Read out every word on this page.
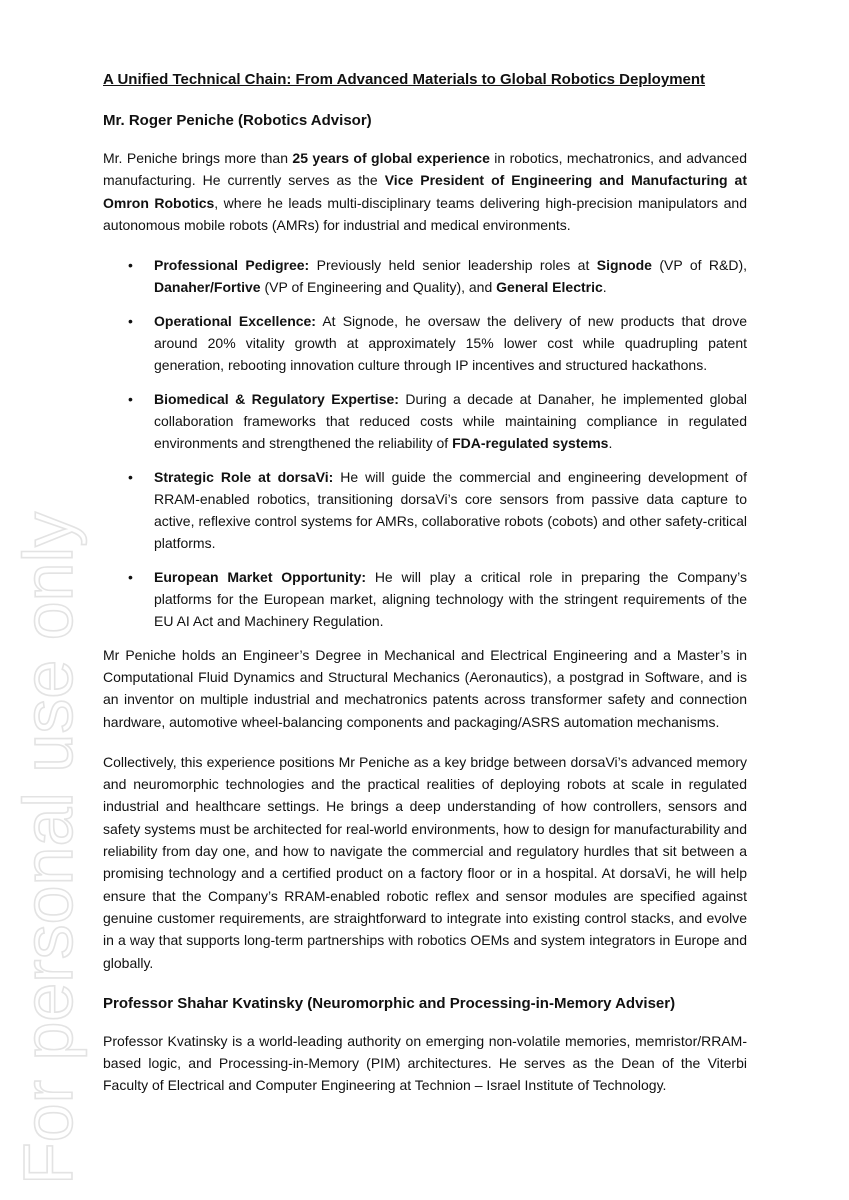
For personal use only
A Unified Technical Chain: From Advanced Materials to Global Robotics Deployment
Mr. Roger Peniche (Robotics Advisor)

Mr. Peniche brings more than 25 years of global experience in robotics, mechatronics, and advanced manufacturing. He currently serves as the Vice President of Engineering and Manufacturing at Omron Robotics, where he leads multi-disciplinary teams delivering high-precision manipulators and autonomous mobile robots (AMRs) for industrial and medical environments.

• Professional Pedigree: Previously held senior leadership roles at Signode (VP of R&D), Danaher/Fortive (VP of Engineering and Quality), and General Electric.
• Operational Excellence: At Signode, he oversaw the delivery of new products that drove around 20% vitality growth at approximately 15% lower cost while quadrupling patent generation, rebooting innovation culture through IP incentives and structured hackathons.
• Biomedical & Regulatory Expertise: During a decade at Danaher, he implemented global collaboration frameworks that reduced costs while maintaining compliance in regulated environments and strengthened the reliability of FDA-regulated systems.
• Strategic Role at dorsaVi: He will guide the commercial and engineering development of RRAM-enabled robotics, transitioning dorsaVi’s core sensors from passive data capture to active, reflexive control systems for AMRs, collaborative robots (cobots) and other safety-critical platforms.
• European Market Opportunity: He will play a critical role in preparing the Company’s platforms for the European market, aligning technology with the stringent requirements of the EU AI Act and Machinery Regulation.

Mr Peniche holds an Engineer’s Degree in Mechanical and Electrical Engineering and a Master’s in Computational Fluid Dynamics and Structural Mechanics (Aeronautics), a postgrad in Software, and is an inventor on multiple industrial and mechatronics patents across transformer safety and connection hardware, automotive wheel-balancing components and packaging/ASRS automation mechanisms.

Collectively, this experience positions Mr Peniche as a key bridge between dorsaVi’s advanced memory and neuromorphic technologies and the practical realities of deploying robots at scale in regulated industrial and healthcare settings. He brings a deep understanding of how controllers, sensors and safety systems must be architected for real-world environments, how to design for manufacturability and reliability from day one, and how to navigate the commercial and regulatory hurdles that sit between a promising technology and a certified product on a factory floor or in a hospital. At dorsaVi, he will help ensure that the Company’s RRAM-enabled robotic reflex and sensor modules are specified against genuine customer requirements, are straightforward to integrate into existing control stacks, and evolve in a way that supports long-term partnerships with robotics OEMs and system integrators in Europe and globally.

Professor Shahar Kvatinsky (Neuromorphic and Processing-in-Memory Adviser)

Professor Kvatinsky is a world-leading authority on emerging non-volatile memories, memristor/RRAM-based logic, and Processing-in-Memory (PIM) architectures. He serves as the Dean of the Viterbi Faculty of Electrical and Computer Engineering at Technion – Israel Institute of Technology.
